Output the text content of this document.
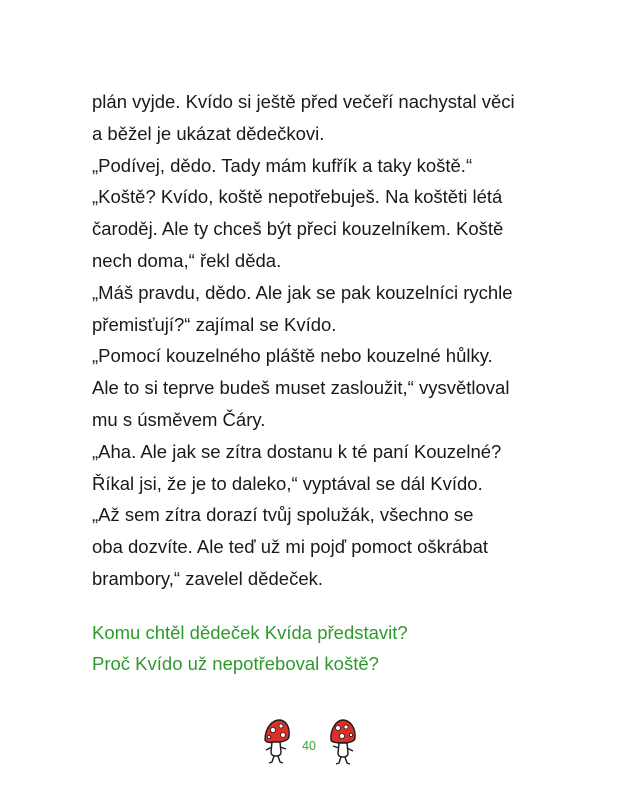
plán vyjde. Kvído si ještě před večeří nachystal věci
a běžel je ukázat dědečkovi.
„Podívej, dědo. Tady mám kufřík a taky koště.“
„Koště? Kvído, koště nepotřebuješ. Na koštěti létá
čaroděj. Ale ty chceš být přeci kouzelníkem. Koště
nech doma,“ řekl děda.
„Máš pravdu, dědo. Ale jak se pak kouzelníci rychle
přemisťují?“ zajímal se Kvído.
„Pomocí kouzelného pláště nebo kouzelné hůlky.
Ale to si teprve budeš muset zasloužit,“ vysvětloval
mu s úsměvem Čáry.
„Aha. Ale jak se zítra dostanu k té paní Kouzelné?
Říkal jsi, že je to daleko,“ vyptával se dál Kvído.
„Až sem zítra dorazí tvůj spolužák, všechno se
oba dozvíte. Ale teď už mi pojď pomoct oškrábat
brambory,“ zavelel dědeček.
Komu chtěl dědeček Kvída představit?
Proč Kvído už nepotřeboval koště?
40
